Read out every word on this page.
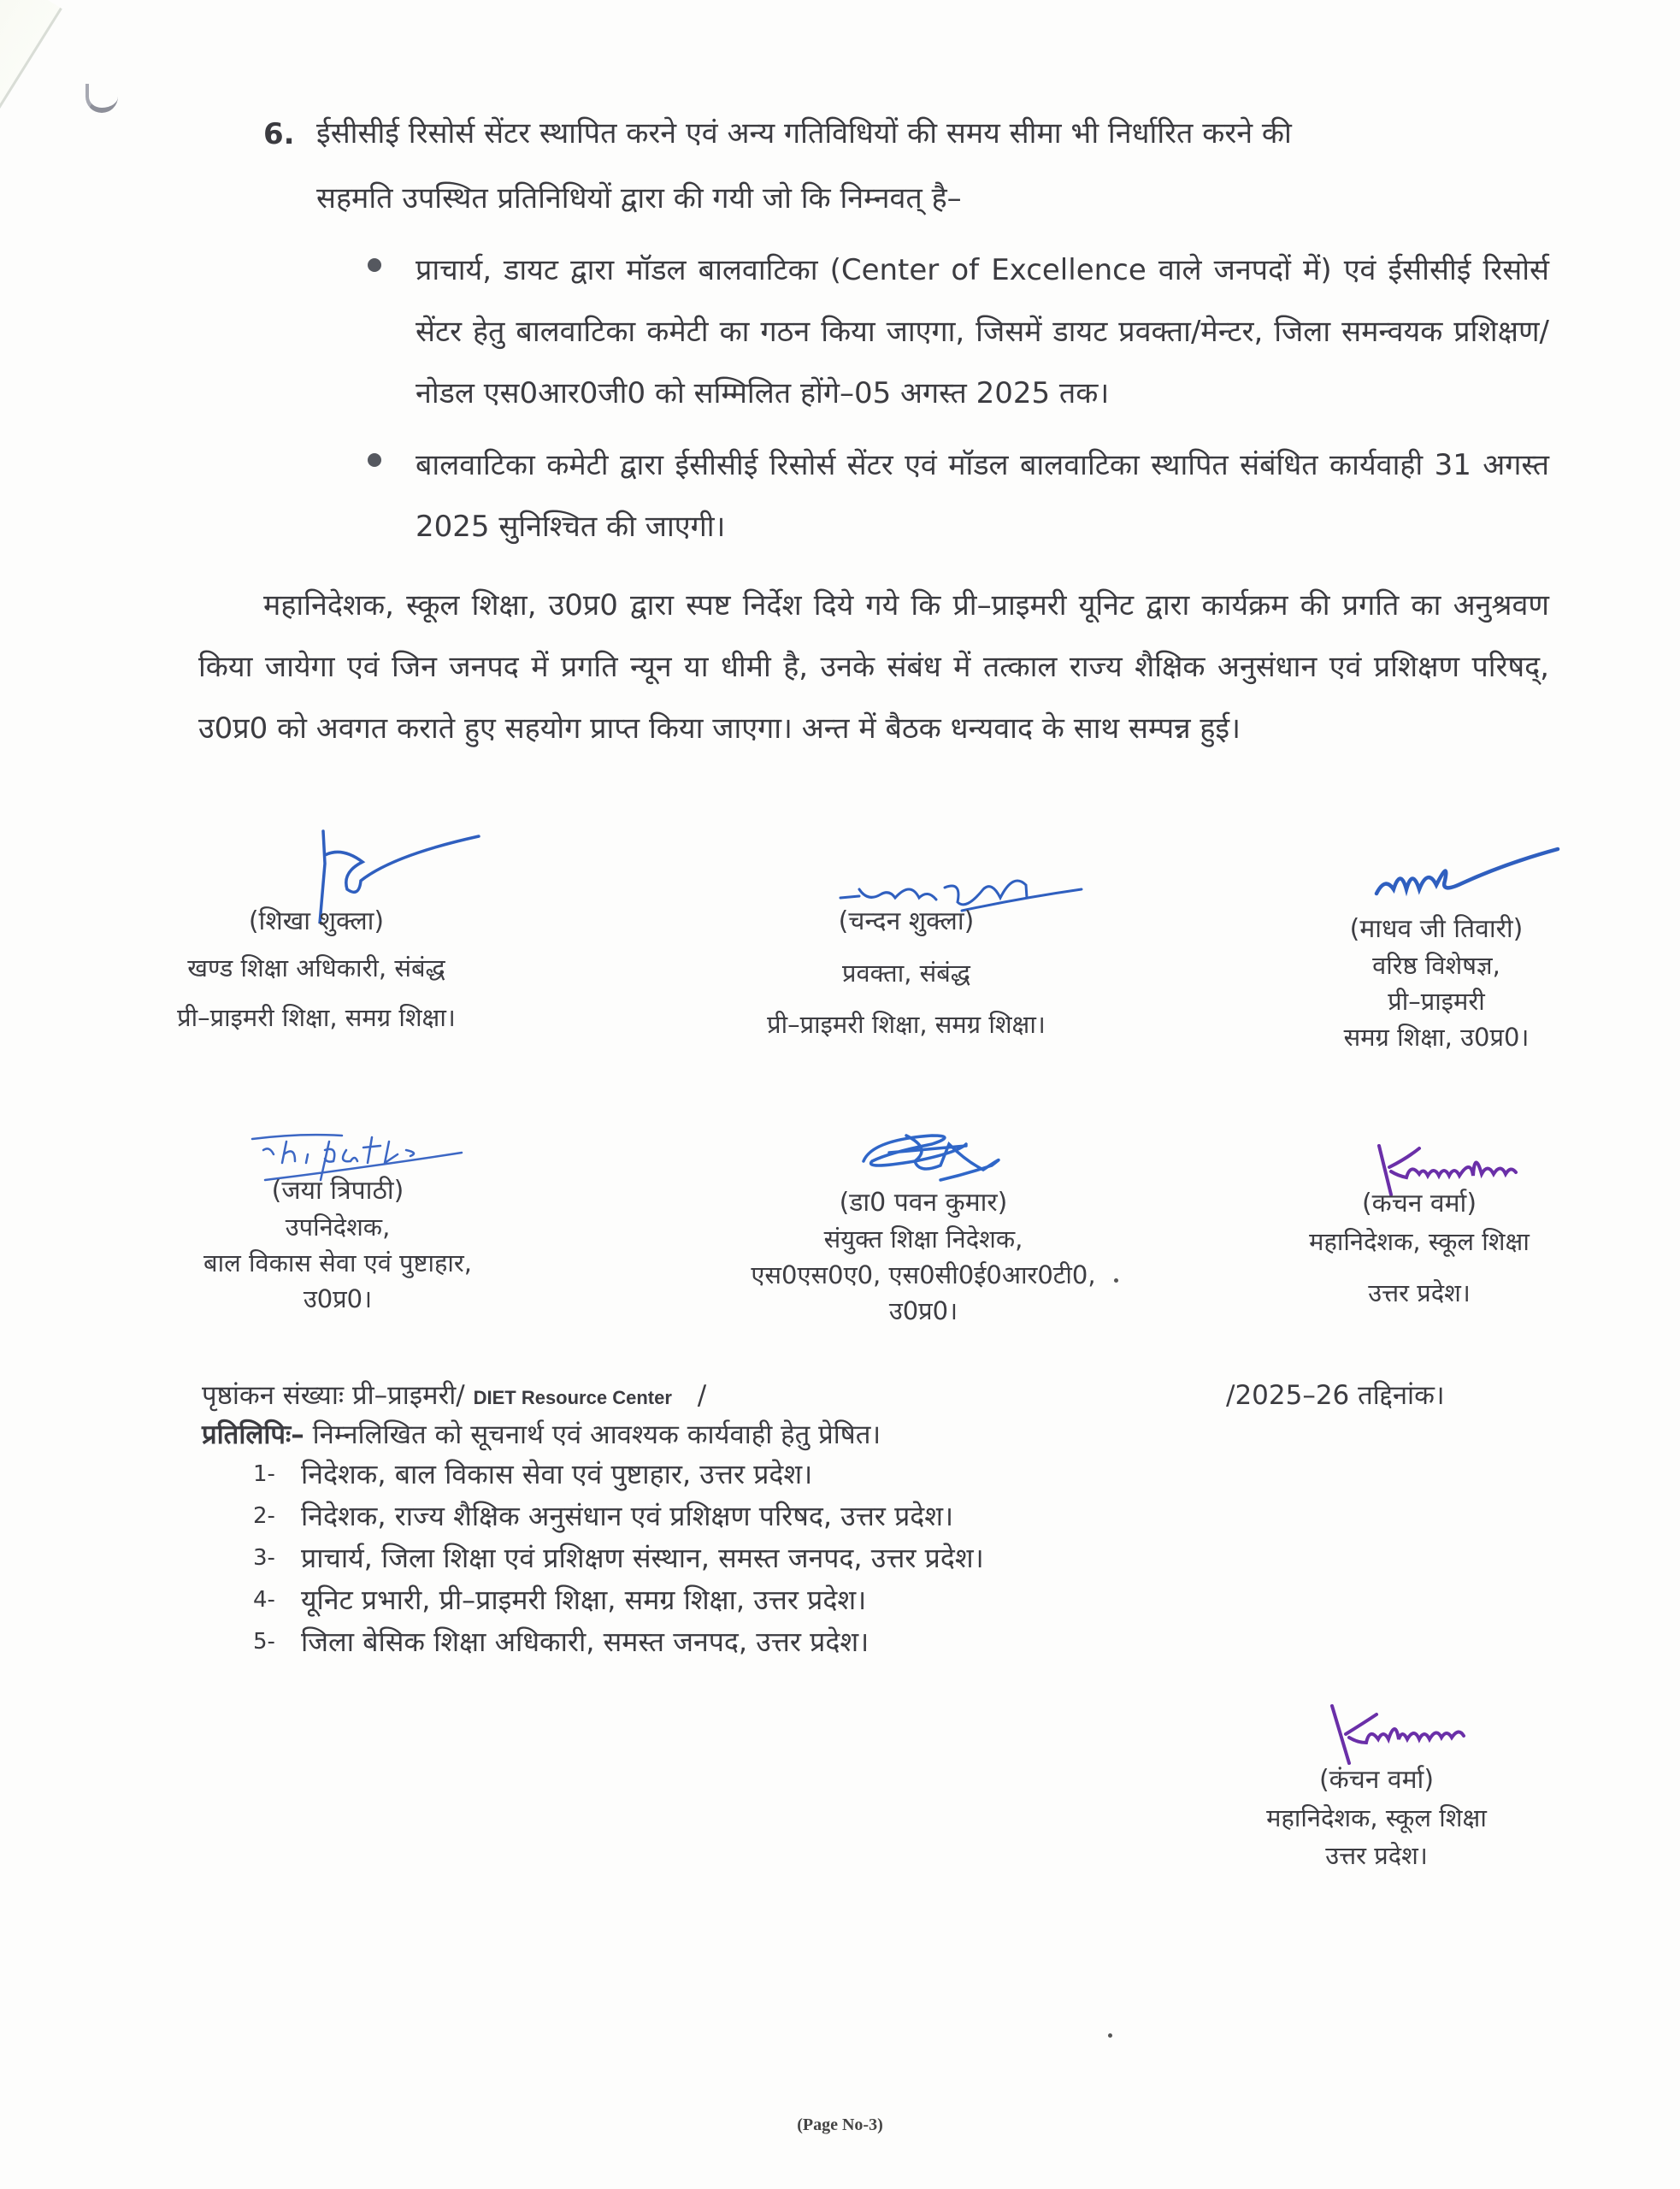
6. ईसीसीई रिसोर्स सेंटर स्थापित करने एवं अन्य गतिविधियों की समय सीमा भी निर्धारित करने की
सहमति उपस्थित प्रतिनिधियों द्वारा की गयी जो कि निम्नवत् है–
प्राचार्य, डायट द्वारा मॉडल बालवाटिका (Center of Excellence वाले जनपदों में) एवं ईसीसीई रिसोर्स सेंटर हेतु बालवाटिका कमेटी का गठन किया जाएगा, जिसमें डायट प्रवक्ता/मेन्टर, जिला समन्वयक प्रशिक्षण/नोडल एस0आर0जी0 को सम्मिलित होंगे–05 अगस्त 2025 तक।
बालवाटिका कमेटी द्वारा ईसीसीई रिसोर्स सेंटर एवं मॉडल बालवाटिका स्थापित संबंधित कार्यवाही 31 अगस्त 2025 सुनिश्चित की जाएगी।
महानिदेशक, स्कूल शिक्षा, उ0प्र0 द्वारा स्पष्ट निर्देश दिये गये कि प्री–प्राइमरी यूनिट द्वारा कार्यक्रम की प्रगति का अनुश्रवण किया जायेगा एवं जिन जनपद में प्रगति न्यून या धीमी है, उनके संबंध में तत्काल राज्य शैक्षिक अनुसंधान एवं प्रशिक्षण परिषद्, उ0प्र0 को अवगत कराते हुए सहयोग प्राप्त किया जाएगा। अन्त में बैठक धन्यवाद के साथ सम्पन्न हुई।
(शिखा शुक्ला)
खण्ड शिक्षा अधिकारी, संबंद्ध
प्री–प्राइमरी शिक्षा, समग्र शिक्षा।
(चन्दन शुक्ला)
प्रवक्ता, संबंद्ध
प्री–प्राइमरी शिक्षा, समग्र शिक्षा।
(माधव जी तिवारी)
वरिष्ठ विशेषज्ञ,
प्री–प्राइमरी
समग्र शिक्षा, उ0प्र0।
(जया त्रिपाठी)
उपनिदेशक,
बाल विकास सेवा एवं पुष्टाहार,
उ0प्र0।
(डा0 पवन कुमार)
संयुक्त शिक्षा निदेशक,
एस0एस0ए0, एस0सी0ई0आर0टी0,
उ0प्र0।
(कचन वर्मा)
महानिदेशक, स्कूल शिक्षा
उत्तर प्रदेश।
पृष्ठांकन संख्याः प्री–प्राइमरी/ DIET Resource Center /	/2025–26 तद्दिनांक।
प्रतिलिपिः– निम्नलिखित को सूचनार्थ एवं आवश्यक कार्यवाही हेतु प्रेषित।
1- निदेशक, बाल विकास सेवा एवं पुष्टाहार, उत्तर प्रदेश।
2- निदेशक, राज्य शैक्षिक अनुसंधान एवं प्रशिक्षण परिषद, उत्तर प्रदेश।
3- प्राचार्य, जिला शिक्षा एवं प्रशिक्षण संस्थान, समस्त जनपद, उत्तर प्रदेश।
4- यूनिट प्रभारी, प्री–प्राइमरी शिक्षा, समग्र शिक्षा, उत्तर प्रदेश।
5- जिला बेसिक शिक्षा अधिकारी, समस्त जनपद, उत्तर प्रदेश।
(कंचन वर्मा)
महानिदेशक, स्कूल शिक्षा
उत्तर प्रदेश।
(Page No-3)
